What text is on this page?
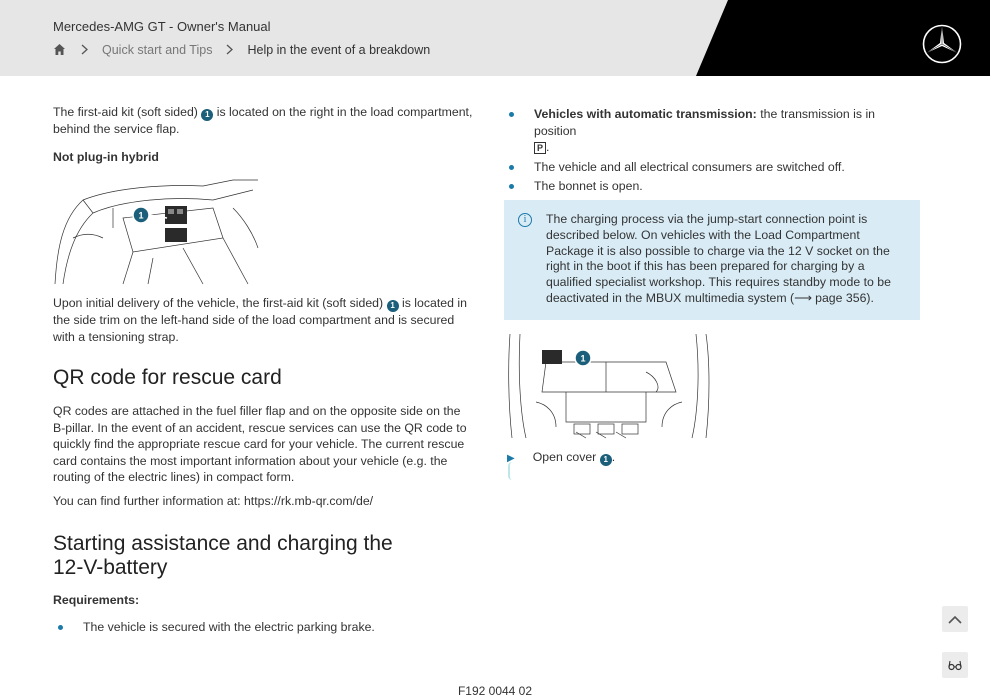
Mercedes-AMG GT - Owner's Manual
Quick start and Tips	Help in the event of a breakdown

The first-aid kit (soft sided) 1 is located on the right in the load compartment, behind the service flap.

Not plug-in hybrid

1

Upon initial delivery of the vehicle, the first-aid kit (soft sided) 1 is located in the side trim on the left-hand side of the load compartment and is secured with a tensioning strap.

QR code for rescue card

QR codes are attached in the fuel filler flap and on the opposite side on the B-pillar. In the event of an accident, rescue services can use the QR code to quickly find the appropriate rescue card for your vehicle. The current rescue card contains the most important information about your vehicle (e.g. the routing of the electric lines) in compact form.

You can find further information at: https://rk.mb-qr.com/de/

Starting assistance and charging the 12-V-battery

Requirements:

The vehicle is secured with the electric parking brake.
Vehicles with automatic transmission: the transmission is in position
P .
The vehicle and all electrical consumers are switched off.
The bonnet is open.
i	The charging process via the jump-start connection point is described below. On vehicles with the Load Compartment Package it is also possible to charge via the 12 V socket on the right in the boot if this has been prepared for charging by a qualified specialist workshop. This requires standby mode to be deactivated in the MBUX multimedia system (⟶ page 356).
1
▶ Open cover 1 .
F192 0044 02
